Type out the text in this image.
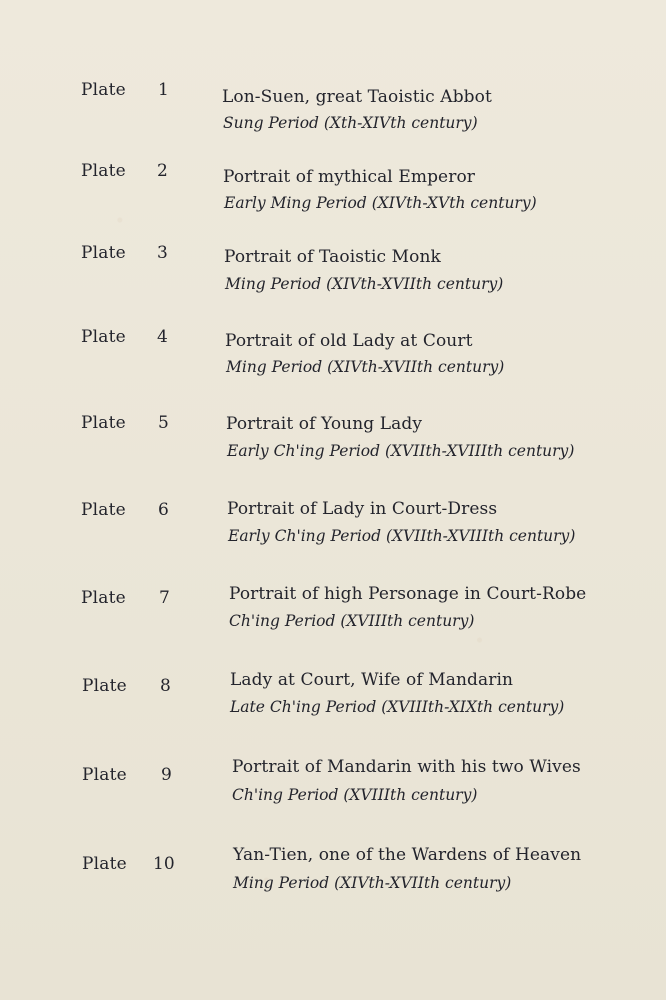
Plate 1	Lon-Suen, great Taoistic Abbot
Sung Period (Xth-XIVth century)
Plate 2	Portrait of mythical Emperor
Early Ming Period (XIVth-XVth century)
Plate 3	Portrait of Taoistic Monk
Ming Period (XIVth-XVIIth century)
Plate 4	Portrait of old Lady at Court
Ming Period (XIVth-XVIIth century)
Plate 5	Portrait of Young Lady
Early Ch'ing Period (XVIIth-XVIIIth century)
Plate 6	Portrait of Lady in Court-Dress
Early Ch'ing Period (XVIIth-XVIIIth century)
Plate 7	Portrait of high Personage in Court-Robe
Ch'ing Period (XVIIIth century)
Plate 8	Lady at Court, Wife of Mandarin
Late Ch'ing Period (XVIIIth-XIXth century)
Plate 9	Portrait of Mandarin with his two Wives
Ch'ing Period (XVIIIth century)
Plate 10	Yan-Tien, one of the Wardens of Heaven
Ming Period (XIVth-XVIIth century)
